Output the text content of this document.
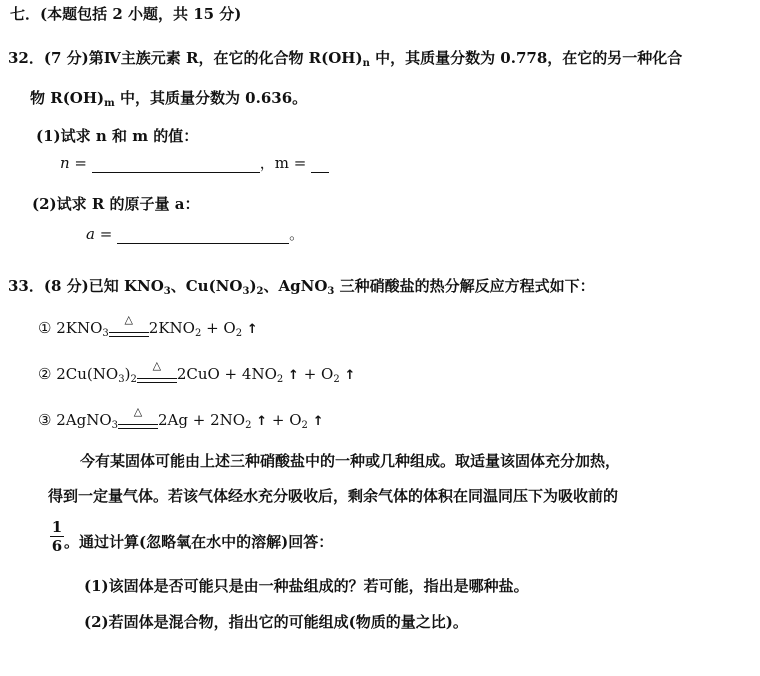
七．(本题包括 2 小题，共 15 分)
32．(7 分)第Ⅳ主族元素 R，在它的化合物 $R(OH)_n$ 中，其质量分数为 0.778，在它的另一种化合
物 $R(OH)_m$ 中，其质量分数为 0.636。
(1)试求 n 和 m 的值：
n =	，m =
(2)试求 R 的原子量 a：
a =	。
33．(8 分)已知 $KNO_3$、$Cu(NO_3)_2$、AgNO$_3$ 三种硝酸盐的热分解反应方程式如下：
① $2KNO_3$
△	$2KNO_2 + O_2$ ↑
② $2Cu(NO_3)_2$
△	$2CuO + 4NO_2$ ↑ + $O_2$ ↑
③ 2AgNO$_3$
△	$2Ag + 2NO_2$ ↑ + $O_2$ ↑
今有某固体可能由上述三种硝酸盐中的一种或几种组成。取适量该固体充分加热，
得到一定量气体。若该气体经水充分吸收后，剩余气体的体积在同温同压下为吸收前的
$\frac{1}{6}$ 。通过计算(忽略氧在水中的溶解)回答：
(1)该固体是否可能只是由一种盐组成的？若可能，指出是哪种盐。
(2)若固体是混合物，指出它的可能组成(物质的量之比)。
